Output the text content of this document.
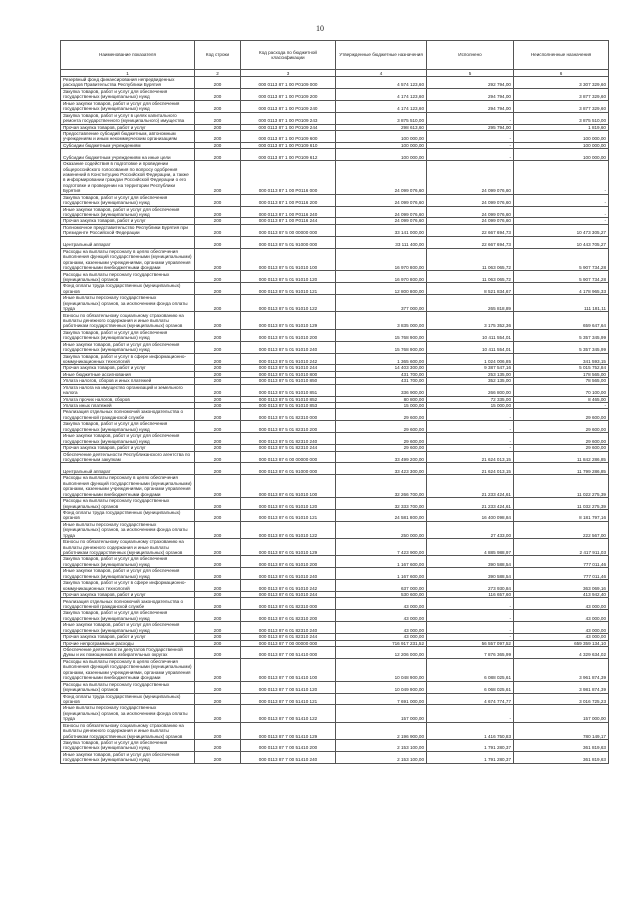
10
Наименование показателя	Код строки	Код расхода по бюджетной классификации	Утвержденные бюджетные назначения	Исполнено	Неисполненные назначения
1	2	3	4	5	6
Резервный фонд финансирования непредвиденных расходов Правительства Республики Бурятия	200	000 0113 87 1 00 Р0109 000	4 574 123,60	292 794,00	3 307 329,60
Закупка товаров, работ и услуг для обеспечения государственных (муниципальных) нужд	200	000 0113 87 1 00 Р0109 200	4 174 123,60	294 794,00	3 877 329,60
Иные закупки товаров, работ и услуг для обеспечения государственных (муниципальных) нужд	200	000 0113 87 1 00 Р0109 240	4 174 123,60	294 794,00	3 877 329,60
Закупка товаров, работ и услуг в целях капитального ремонта государственного (муниципального) имущества	200	000 0113 87 1 00 Р0109 243	3 875 510,00	-	3 875 510,00
Прочая закупка товаров, работ и услуг	200	000 0113 87 1 00 Р0109 244	298 613,60	295 794,00	1 819,60
Предоставление субсидий бюджетным, автономным учреждениям и иным некоммерческим организациям	200	000 0113 87 1 00 Р0109 600	100 000,00	-	100 000,00
Субсидии бюджетным учреждениям	200	000 0113 87 1 00 Р0109 610	100 000,00	-	100 000,00
Субсидии бюджетным учреждениям на иные цели	200	000 0113 87 1 00 Р0109 612	100 000,00	-	100 000,00
Оказание содействия в подготовке и проведении общероссийского голосования по вопросу одобрения изменений в Конституцию Российской Федерации, а также в информировании граждан Российской Федерации о его подготовке и проведении на территории Республики Бурятия	200	000 0113 87 1 00 Р0116 000	24 099 076,60	24 099 076,60	-
Закупка товаров, работ и услуг для обеспечения государственных (муниципальных) нужд	200	000 0113 87 1 00 Р0116 200	24 099 076,60	24 099 076,60	-
Иные закупки товаров, работ и услуг для обеспечения государственных (муниципальных) нужд	200	000 0113 87 1 00 Р0116 240	24 099 076,60	24 099 076,60	-
Прочая закупка товаров, работ и услуг	200	000 0113 87 1 00 Р0116 244	24 099 076,60	24 099 076,60	-
Полномочное представительство Республики Бурятия при Президенте Российской Федерации	200	000 0113 87 5 00 00000 000	33 141 000,00	22 667 694,73	10 473 305,27
Центральный аппарат	200	000 0113 87 5 01 91000 000	33 111 400,00	22 667 694,73	10 443 705,27
Расходы на выплаты персоналу в целях обеспечения выполнения функций государственными (муниципальными) органами, казенными учреждениями, органами управления государственными внебюджетными фондами	200	000 0113 87 5 01 91010 100	16 970 800,00	11 063 065,72	5 907 734,28
Расходы на выплаты персоналу государственных (муниципальных) органов	200	000 0113 87 5 01 91010 120	16 970 800,00	11 063 065,72	5 907 734,28
Фонд оплаты труда государственных (муниципальных) органов	200	000 0113 87 5 01 91010 121	12 800 800,00	8 521 834,67	4 178 965,33
Иные выплаты персоналу государственных (муниципальных) органов, за исключением фонда оплаты труда	200	000 0113 87 5 01 91010 122	377 000,00	265 818,89	111 181,11
Взносы по обязательному социальному страхованию на выплаты денежного содержания и иные выплаты работникам государственных (муниципальных) органов	200	000 0113 87 5 01 91010 129	3 835 000,00	3 175 352,36	659 647,64
Закупка товаров, работ и услуг для обеспечения государственных (муниципальных) нужд	200	000 0113 87 5 01 91010 200	15 768 900,00	10 411 554,01	5 357 345,99
Иные закупки товаров, работ и услуг для обеспечения государственных (муниципальных) нужд	200	000 0113 87 5 01 91010 240	15 768 900,00	10 411 554,01	5 357 345,99
Закупка товаров, работ и услуг в сфере информационно-коммуникационных технологий	200	000 0113 87 5 01 91010 242	1 365 600,00	1 024 006,85	341 593,15
Прочая закупка товаров, работ и услуг	200	000 0113 87 5 01 91010 244	14 403 300,00	9 387 547,16	5 015 752,84
Иные бюджетные ассигнования	200	000 0113 87 5 01 91010 800	431 700,00	253 135,00	178 565,00
Уплата налогов, сборов и иных платежей	200	000 0113 87 5 01 91010 850	431 700,00	352 135,00	78 565,00
Уплата налога на имущество организаций и земельного налога	200	000 0113 87 5 01 91010 851	336 900,00	266 800,00	70 100,00
Уплата прочих налогов, сборов	200	000 0113 87 5 01 91010 852	80 800,00	72 335,00	8 465,00
Уплата иных платежей	200	000 0113 87 5 01 91010 853	15 000,00	15 000,00	-
Реализация отдельных полномочий законодательства о государственной гражданской службе	200	000 0113 87 5 01 82310 000	29 600,00	-	29 600,00
Закупка товаров, работ и услуг для обеспечения государственных (муниципальных) нужд	200	000 0113 87 5 01 82310 200	29 600,00	-	29 600,00
Иные закупки товаров, работ и услуг для обеспечения государственных (муниципальных) нужд	200	000 0113 87 5 01 82310 240	29 600,00	-	29 600,00
Прочая закупка товаров, работ и услуг	200	000 0113 87 5 01 82310 244	29 600,00	-	29 600,00
Обеспечение деятельности Республиканского агентства по государственным закупкам	200	000 0113 87 6 00 00000 000	33 499 200,00	21 624 013,15	11 842 286,85
Центральный аппарат	200	000 0113 87 6 01 91000 000	33 423 300,00	21 624 013,15	11 799 286,85
Расходы на выплаты персоналу в целях обеспечения выполнения функций государственными (муниципальными) органами, казенными учреждениями, органами управления государственными внебюджетными фондами	200	000 0113 87 6 01 91010 100	32 266 700,00	21 233 424,61	11 022 275,39
Расходы на выплаты персоналу государственных (муниципальных) органов	200	000 0113 87 6 01 91010 120	32 333 700,00	21 233 424,61	11 032 275,39
Фонд оплаты труда государственных (муниципальных) органов	200	000 0113 87 6 01 91010 121	24 581 800,00	16 400 098,84	8 181 797,16
Иные выплаты персоналу государственных (муниципальных) органов, за исключением фонда оплаты труда	200	000 0113 87 6 01 91010 122	250 000,00	27 433,00	222 567,00
Взносы по обязательному социальному страхованию на выплаты денежного содержания и иные выплаты работникам государственных (муниципальных) органов	200	000 0113 87 6 01 91010 129	7 423 900,00	4 885 988,97	2 417 911,03
Закупка товаров, работ и услуг для обеспечения государственных (муниципальных) нужд	200	000 0113 87 6 01 91010 200	1 167 600,00	390 588,54	777 011,46
Иные закупки товаров, работ и услуг для обеспечения государственных (муниципальных) нужд	200	000 0113 87 6 01 91010 240	1 167 600,00	390 588,54	777 011,46
Закупка товаров, работ и услуг в сфере информационно-коммуникационных технологий	200	000 0113 87 6 01 91010 242	637 000,00	273 930,84	363 069,16
Прочая закупка товаров, работ и услуг	200	000 0113 87 6 01 91010 244	530 600,00	116 657,60	413 942,40
Реализация отдельных полномочий законодательства о государственной гражданской службе	200	000 0113 87 6 01 82310 000	43 000,00	-	43 000,00
Закупка товаров, работ и услуг для обеспечения государственных (муниципальных) нужд	200	000 0113 87 6 01 82310 200	43 000,00	-	43 000,00
Иные закупки товаров, работ и услуг для обеспечения государственных (муниципальных) нужд	200	000 0113 87 6 01 82310 240	43 000,00	-	43 000,00
Прочая закупка товаров, работ и услуг	200	000 0113 87 6 01 82310 244	43 000,00	-	43 000,00
Прочие непрограммные расходы	200	000 0113 87 7 00 00000 000	716 917 231,52	56 557 097,52	659 359 134,10
Обеспечение деятельности депутатов Государственной Думы и их помощников в избирательных округах	200	000 0113 87 7 00 51410 000	12 206 000,00	7 876 365,99	4 329 634,02
Расходы на выплаты персоналу в целях обеспечения выполнения функций государственными (муниципальными) органами, казенными учреждениями, органами управления государственными внебюджетными фондами	200	000 0113 87 7 00 51410 100	10 048 900,00	6 088 025,61	3 961 874,39
Расходы на выплаты персоналу государственных (муниципальных) органов	200	000 0113 87 7 00 51410 120	10 049 900,00	6 068 025,61	3 981 874,39
Фонд оплаты труда государственных (муниципальных) органов	200	000 0113 87 7 00 51410 121	7 691 000,00	4 674 774,77	3 016 725,23
Иные выплаты персоналу государственных (муниципальных) органов, за исключением фонда оплаты труда	200	000 0113 87 7 00 51410 122	157 000,00	-	157 000,00
Взносы по обязательному социальному страхованию на выплаты денежного содержания и иные выплаты работникам государственных (муниципальных) органов	200	000 0113 87 7 00 51410 129	2 196 900,00	1 416 750,83	780 149,17
Закупка товаров, работ и услуг для обеспечения государственных (муниципальных) нужд	200	000 0113 87 7 00 51410 200	2 153 100,00	1 791 280,37	361 819,63
Иные закупки товаров, работ и услуг для обеспечения государственных (муниципальных) нужд	200	000 0113 87 7 00 51410 240	2 153 100,00	1 791 280,37	361 819,63
